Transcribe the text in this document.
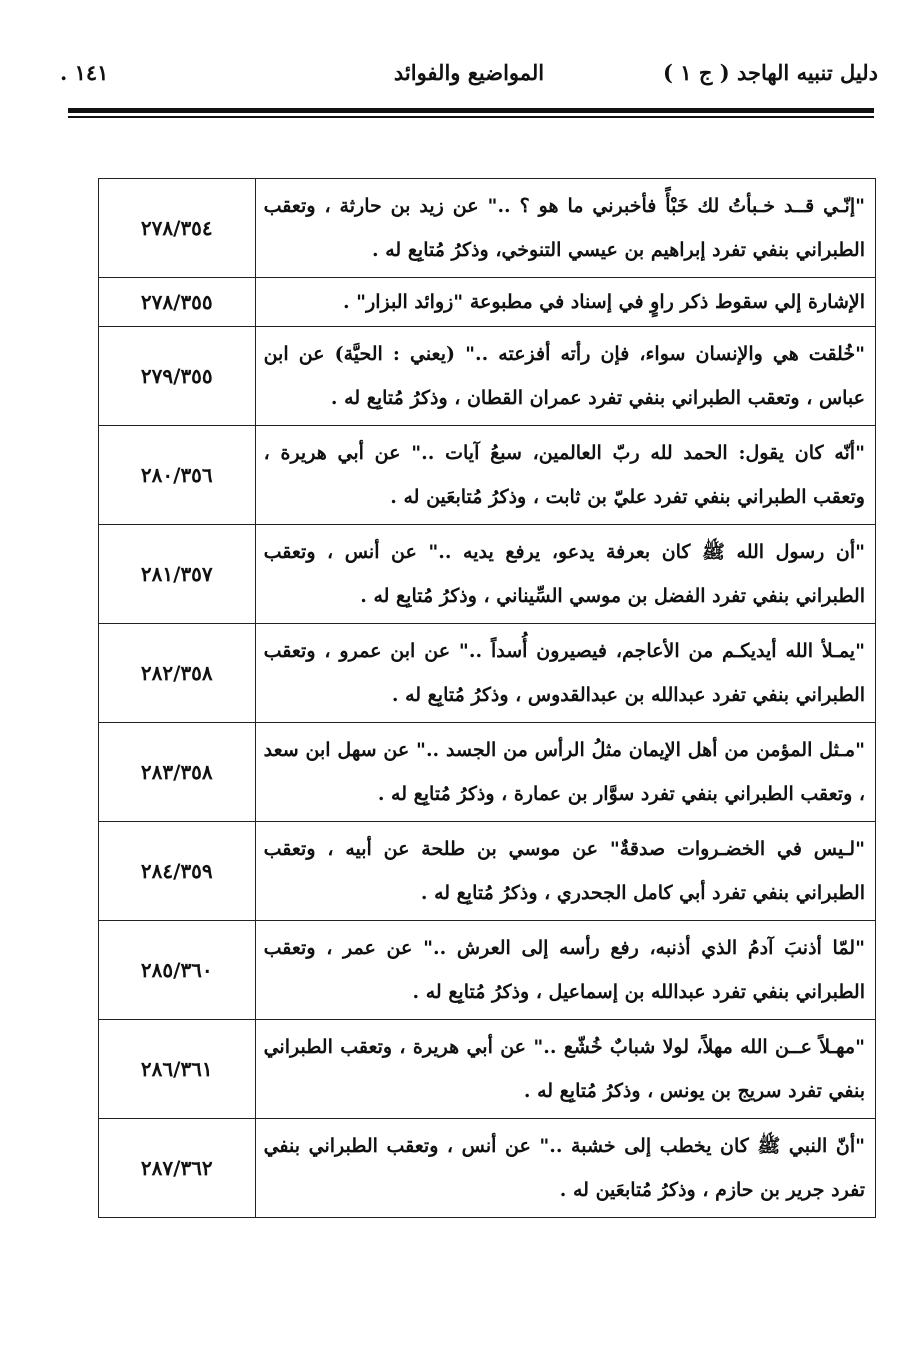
دليل تنبيه الهاجد ( ج ١ )
المواضيع والفوائد
١٤١ .
"إنّـي قــد خـبأتُ لك خَبْأً فأخبرني ما هو ؟ .." عن زيد بن حارثة ، وتعقب الطبراني بنفي تفرد إبراهيم بن عيسي التنوخي، وذكرُ مُتابِع له .	٢٧٨/٣٥٤
الإشارة إلي سقوط ذكر راوٍ في إسناد في مطبوعة "زوائد البزار" .	٢٧٨/٣٥٥
"خُلقت هي والإنسان سواء، فإن رأته أفزعته .." (يعني : الحيَّة) عن ابن عباس ، وتعقب الطبراني بنفي تفرد عمران القطان ، وذكرُ مُتابِع له .	٢٧٩/٣٥٥
"أنّه كان يقول: الحمد لله ربّ العالمين، سبعُ آيات .." عن أبي هريرة ، وتعقب الطبراني بنفي تفرد عليّ بن ثابت ، وذكرُ مُتابعَين له .	٢٨٠/٣٥٦
"أن رسول الله ﷺ كان بعرفة يدعو، يرفع يديه .." عن أنس ، وتعقب الطبراني بنفي تفرد الفضل بن موسي السِّيناني ، وذكرُ مُتابِع له .	٢٨١/٣٥٧
"يمـلأ الله أيديكـم من الأعاجم، فيصيرون أُسداً .." عن ابن عمرو ، وتعقب الطبراني بنفي تفرد عبدالله بن عبدالقدوس ، وذكرُ مُتابِع له .	٢٨٢/٣٥٨
"مـثل المؤمن من أهل الإيمان مثلُ الرأس من الجسد .." عن سهل ابن سعد ، وتعقب الطبراني بنفي تفرد سوَّار بن عمارة ، وذكرُ مُتابِع له .	٢٨٣/٣٥٨
"لـيس في الخضـروات صدقةٌ" عن موسي بن طلحة عن أبيه ، وتعقب الطبراني بنفي تفرد أبي كامل الجحدري ، وذكرُ مُتابِع له .	٢٨٤/٣٥٩
"لمّا أذنبَ آدمُ الذي أذنبه، رفع رأسه إلى العرش .." عن عمر ، وتعقب الطبراني بنفي تفرد عبدالله بن إسماعيل ، وذكرُ مُتابِع له .	٢٨٥/٣٦٠
"مهـلاً عــن الله مهلاً، لولا شبابٌ خُشّع .." عن أبي هريرة ، وتعقب الطبراني بنفي تفرد سريج بن يونس ، وذكرُ مُتابِع له .	٢٨٦/٣٦١
"أنّ النبي ﷺ كان يخطب إلى خشبة .." عن أنس ، وتعقب الطبراني بنفي تفرد جرير بن حازم ، وذكرُ مُتابعَين له .	٢٨٧/٣٦٢
